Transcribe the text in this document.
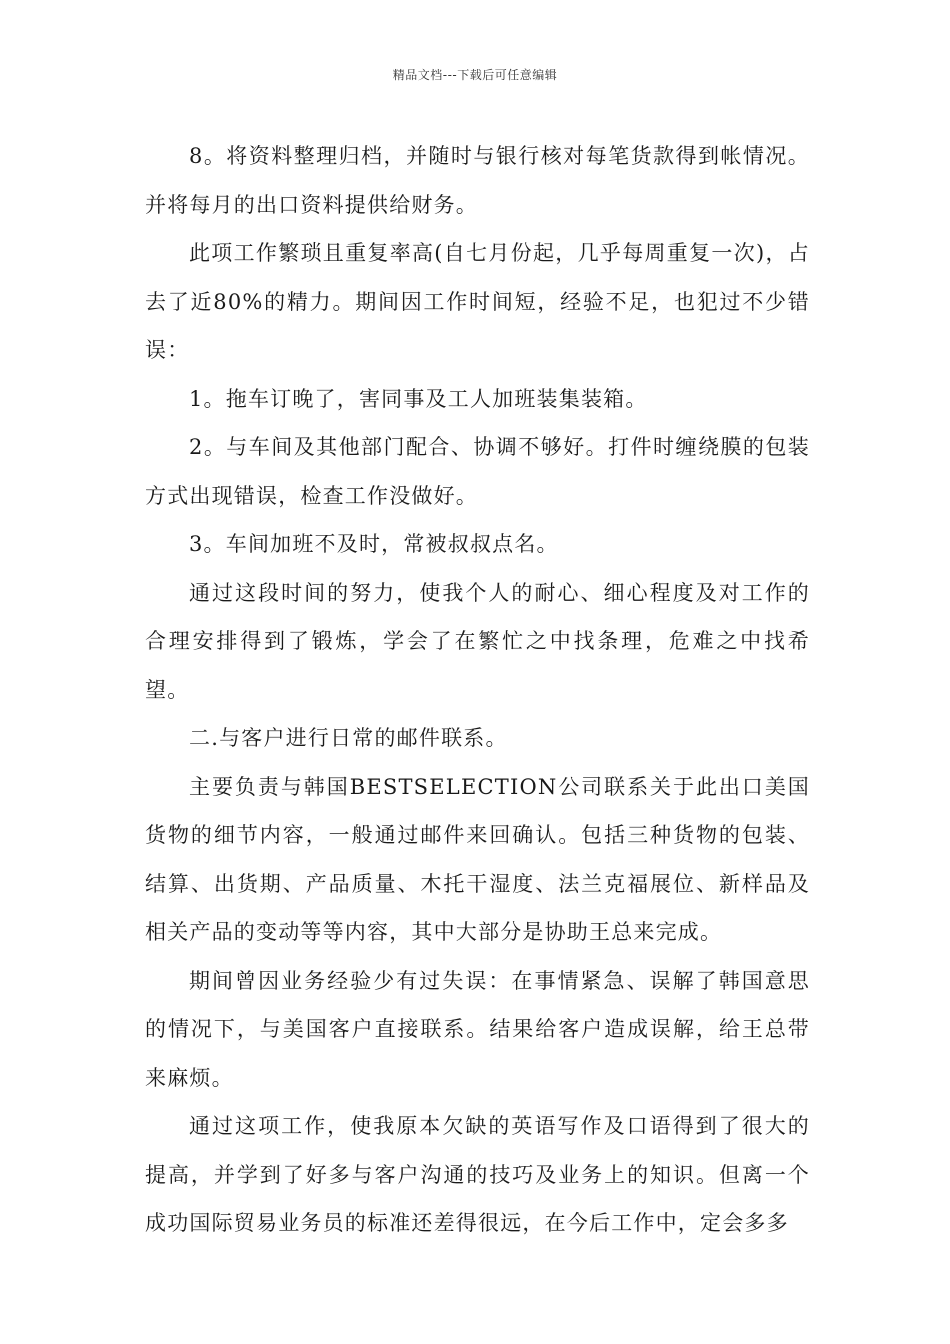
精品文档---下载后可任意编辑

8。将资料整理归档，并随时与银行核对每笔货款得到帐情况。并将每月的出口资料提供给财务。

此项工作繁琐且重复率高(自七月份起，几乎每周重复一次)，占去了近80%的精力。期间因工作时间短，经验不足，也犯过不少错误：

1。拖车订晚了，害同事及工人加班装集装箱。

2。与车间及其他部门配合、协调不够好。打件时缠绕膜的包装方式出现错误，检查工作没做好。

3。车间加班不及时，常被叔叔点名。

通过这段时间的努力，使我个人的耐心、细心程度及对工作的合理安排得到了锻炼，学会了在繁忙之中找条理，危难之中找希望。

二.与客户进行日常的邮件联系。

主要负责与韩国BESTSELECTION公司联系关于此出口美国货物的细节内容，一般通过邮件来回确认。包括三种货物的包装、结算、出货期、产品质量、木托干湿度、法兰克福展位、新样品及相关产品的变动等等内容，其中大部分是协助王总来完成。

期间曾因业务经验少有过失误：在事情紧急、误解了韩国意思的情况下，与美国客户直接联系。结果给客户造成误解，给王总带来麻烦。

通过这项工作，使我原本欠缺的英语写作及口语得到了很大的提高，并学到了好多与客户沟通的技巧及业务上的知识。但离一个成功国际贸易业务员的标准还差得很远，在今后工作中，定会多多
